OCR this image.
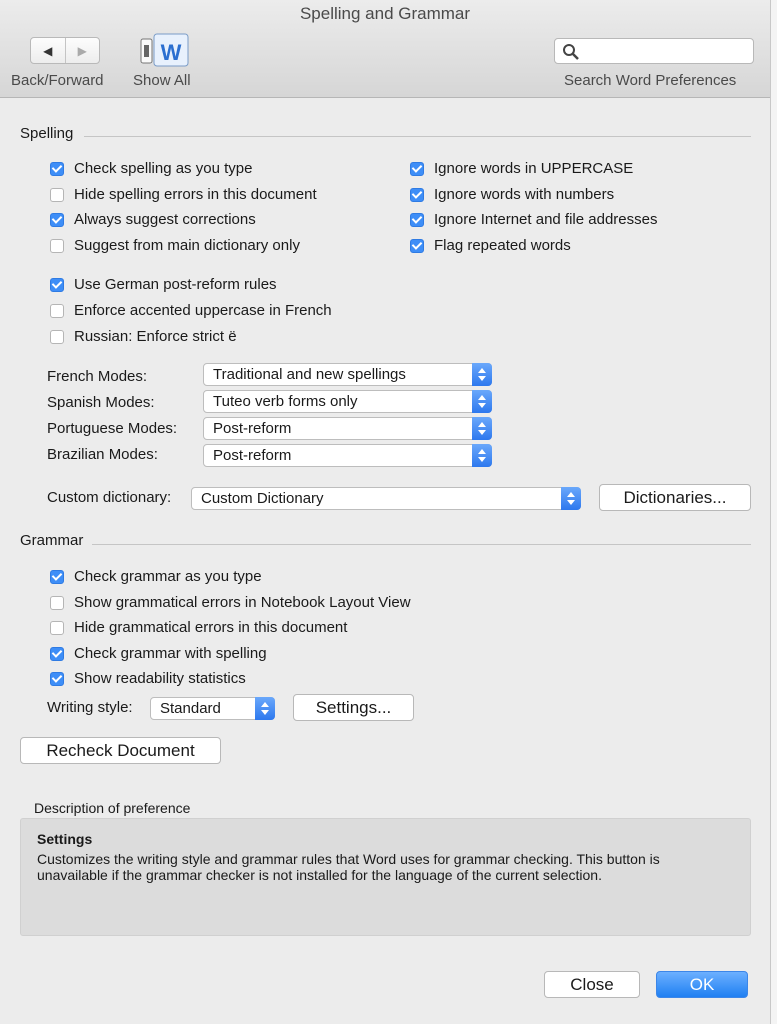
Spelling and Grammar
◀	▶
Back/Forward
W
Show All	Search Word Preferences
Spelling
Check spelling as you type
Hide spelling errors in this document
Always suggest corrections
Suggest from main dictionary only
Ignore words in UPPERCASE
Ignore words with numbers
Ignore Internet and file addresses
Flag repeated words
Use German post-reform rules
Enforce accented uppercase in French
Russian: Enforce strict ë
French Modes:	Traditional and new spellings
Spanish Modes:	Tuteo verb forms only
Portuguese Modes:	Post-reform
Brazilian Modes:	Post-reform
Custom dictionary:	Custom Dictionary	Dictionaries...
Grammar
Check grammar as you type
Show grammatical errors in Notebook Layout View
Hide grammatical errors in this document
Check grammar with spelling
Show readability statistics
Writing style:	Standard	Settings...
Recheck Document
Description of preference
Settings
Customizes the writing style and grammar rules that Word uses for grammar checking. This button is unavailable if the grammar checker is not installed for the language of the current selection.
Close	OK
